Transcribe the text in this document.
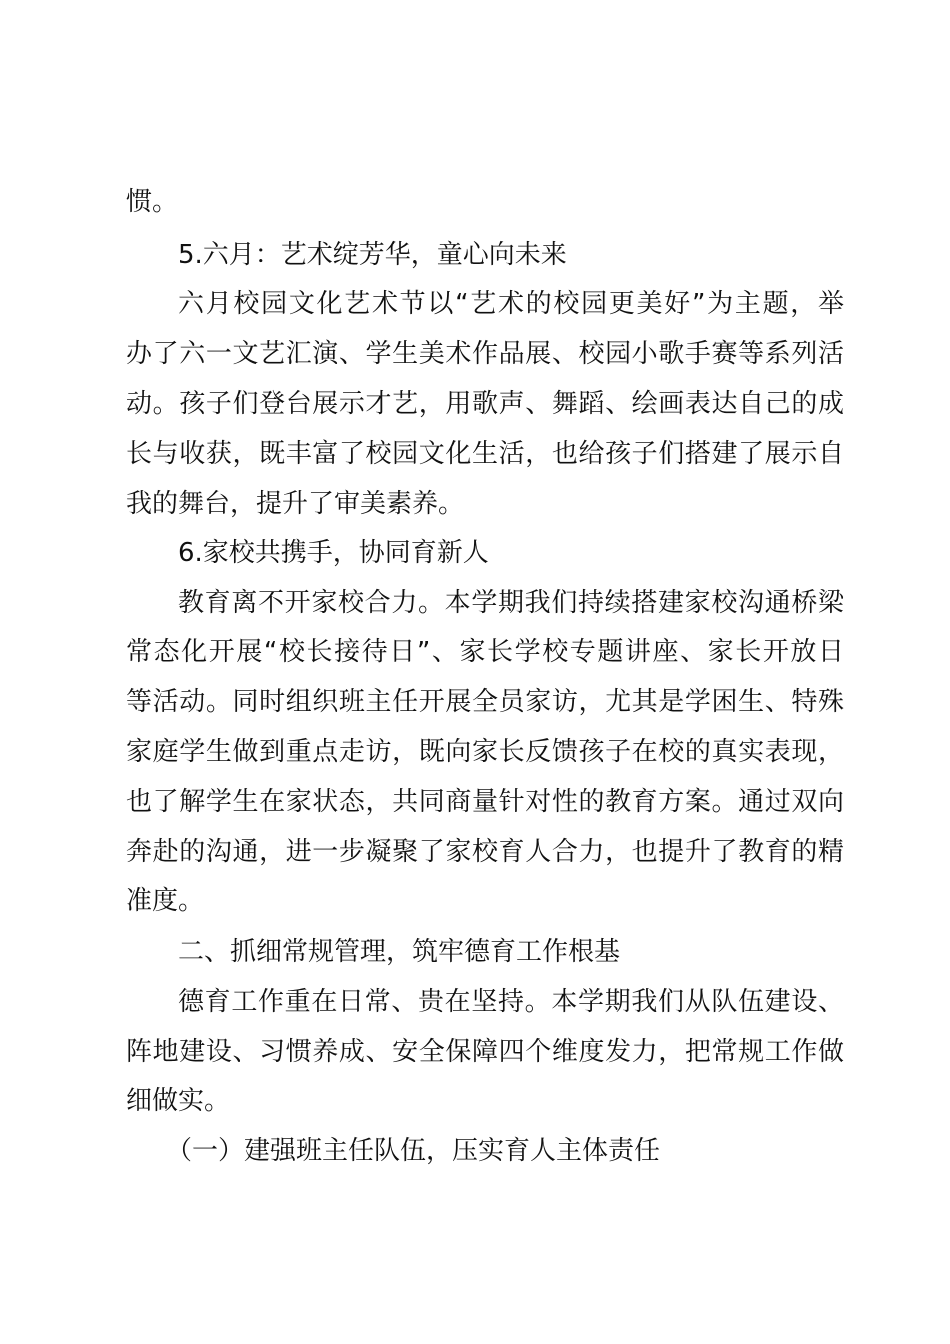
惯。
5.六月：艺术绽芳华，童心向未来
六月校园文化艺术节以“艺术的校园更美好”为主题，举
办了六一文艺汇演、学生美术作品展、校园小歌手赛等系列活
动。孩子们登台展示才艺，用歌声、舞蹈、绘画表达自己的成
长与收获，既丰富了校园文化生活，也给孩子们搭建了展示自
我的舞台，提升了审美素养。
6.家校共携手，协同育新人
教育离不开家校合力。本学期我们持续搭建家校沟通桥梁
常态化开展“校长接待日”、家长学校专题讲座、家长开放日
等活动。同时组织班主任开展全员家访，尤其是学困生、特殊
家庭学生做到重点走访，既向家长反馈孩子在校的真实表现，
也了解学生在家状态，共同商量针对性的教育方案。通过双向
奔赴的沟通，进一步凝聚了家校育人合力，也提升了教育的精
准度。
二、抓细常规管理，筑牢德育工作根基
德育工作重在日常、贵在坚持。本学期我们从队伍建设、
阵地建设、习惯养成、安全保障四个维度发力，把常规工作做
细做实。
（一）建强班主任队伍，压实育人主体责任
